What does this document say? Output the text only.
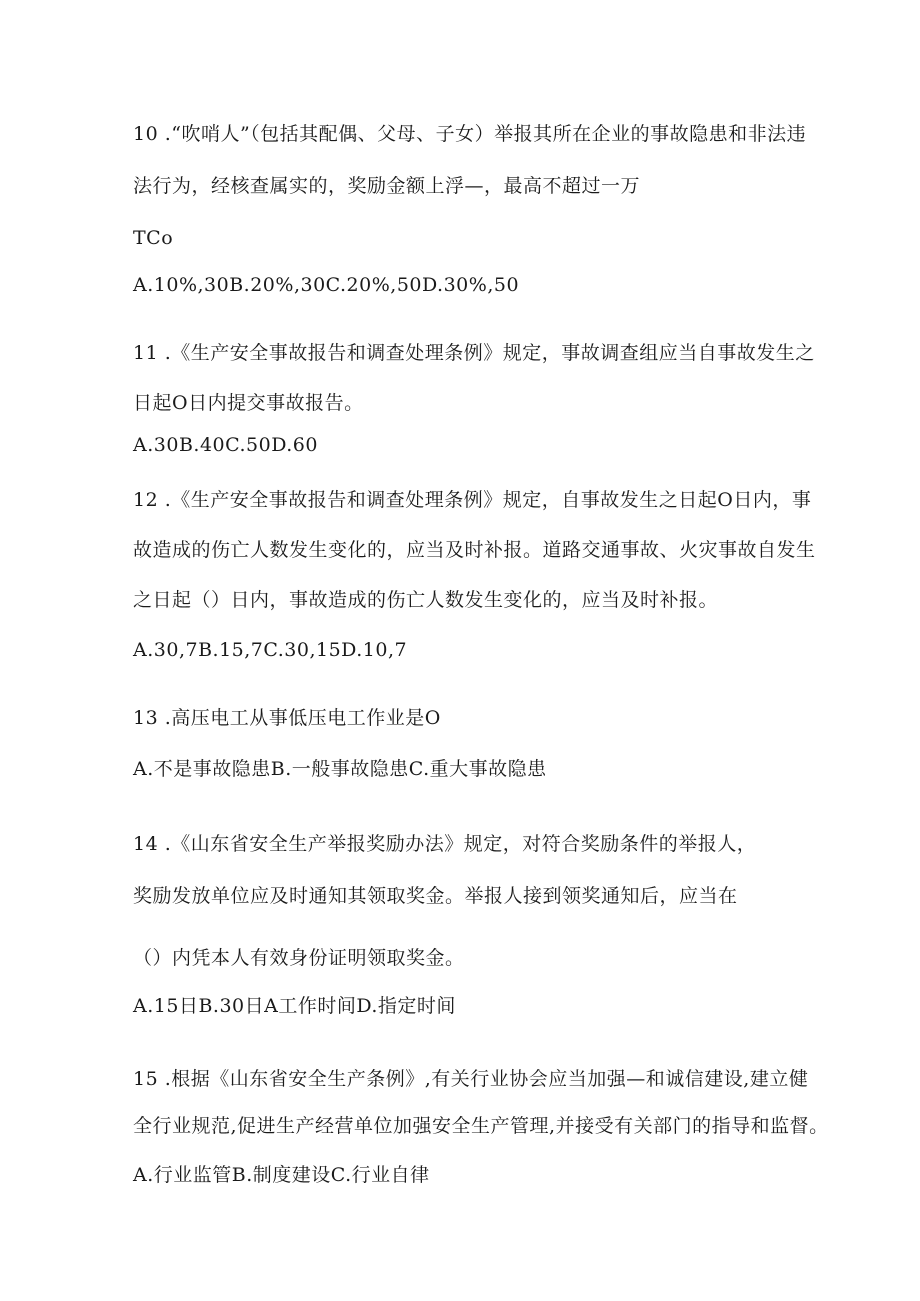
10 .“吹哨人”（包括其配偶、父母、子女）举报其所在企业的事故隐患和非法违
法行为，经核查属实的，奖励金额上浮—，最高不超过一万
TCo
A.10%,30B.20%,30C.20%,50D.30%,50
11 .《生产安全事故报告和调查处理条例》规定，事故调查组应当自事故发生之
日起O日内提交事故报告。
A.30B.40C.50D.60
12 .《生产安全事故报告和调查处理条例》规定，自事故发生之日起O日内，事
故造成的伤亡人数发生变化的，应当及时补报。道路交通事故、火灾事故自发生
之日起（）日内，事故造成的伤亡人数发生变化的，应当及时补报。
A.30,7B.15,7C.30,15D.10,7
13 .高压电工从事低压电工作业是O
A.不是事故隐患B.一般事故隐患C.重大事故隐患
14 .《山东省安全生产举报奖励办法》规定，对符合奖励条件的举报人，
奖励发放单位应及时通知其领取奖金。举报人接到领奖通知后，应当在
（）内凭本人有效身份证明领取奖金。
A.15日B.30日A工作时间D.指定时间
15 .根据《山东省安全生产条例》,有关行业协会应当加强—和诚信建设,建立健
全行业规范,促进生产经营单位加强安全生产管理,并接受有关部门的指导和监督。
A.行业监管B.制度建设C.行业自律
